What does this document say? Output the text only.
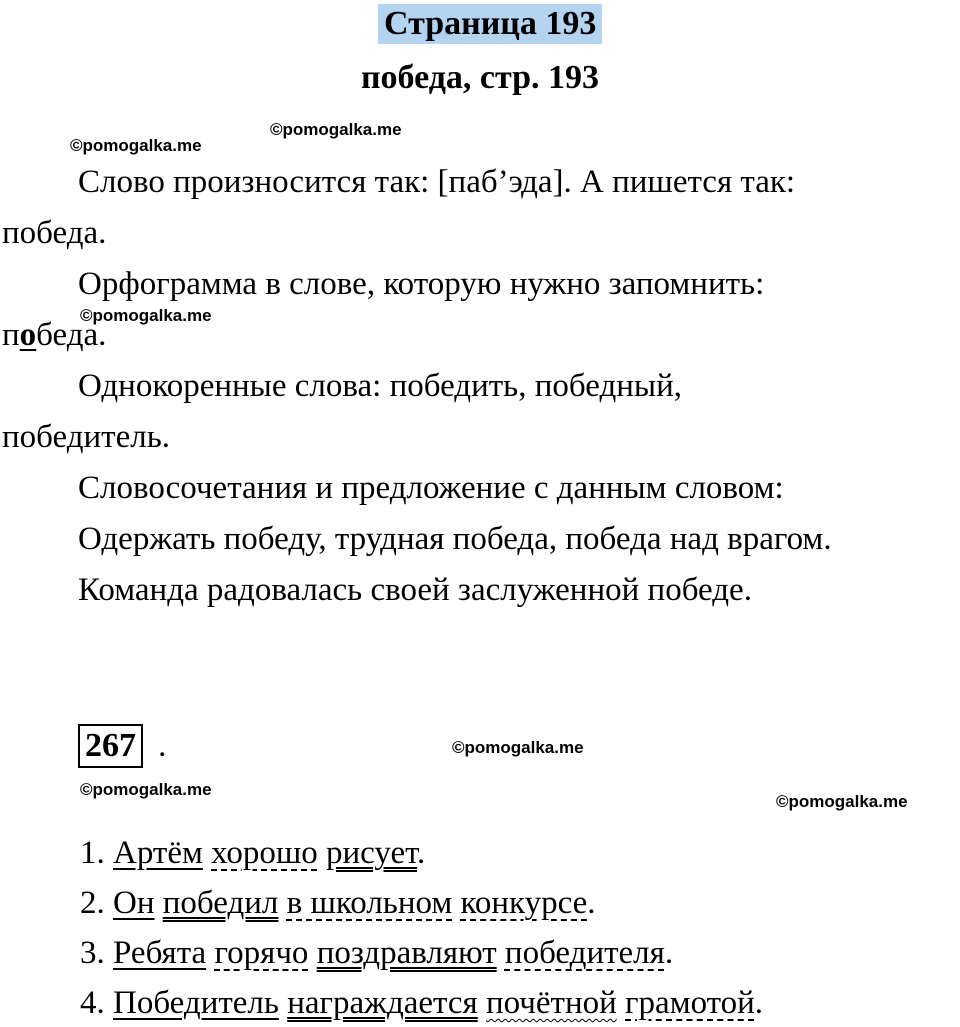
Страница 193
победа, стр. 193
©pomogalka.me
©pomogalka.me
Слово произносится так: [паб’эда]. А пишется так:
победа.
Орфограмма в слове, которую нужно запомнить:
победа.
©pomogalka.me
Однокоренные слова: победить, победный,
победитель.
Словосочетания и предложение с данным словом:
Одержать победу, трудная победа, победа над врагом.
Команда радовалась своей заслуженной победе.
267 .	©pomogalka.me
©pomogalka.me
©pomogalka.me
1. Артём хорошо рисует.
2. Он победил в школьном конкурсе.
3. Ребята горячо поздравляют победителя.
4. Победитель награждается почётной грамотой.
